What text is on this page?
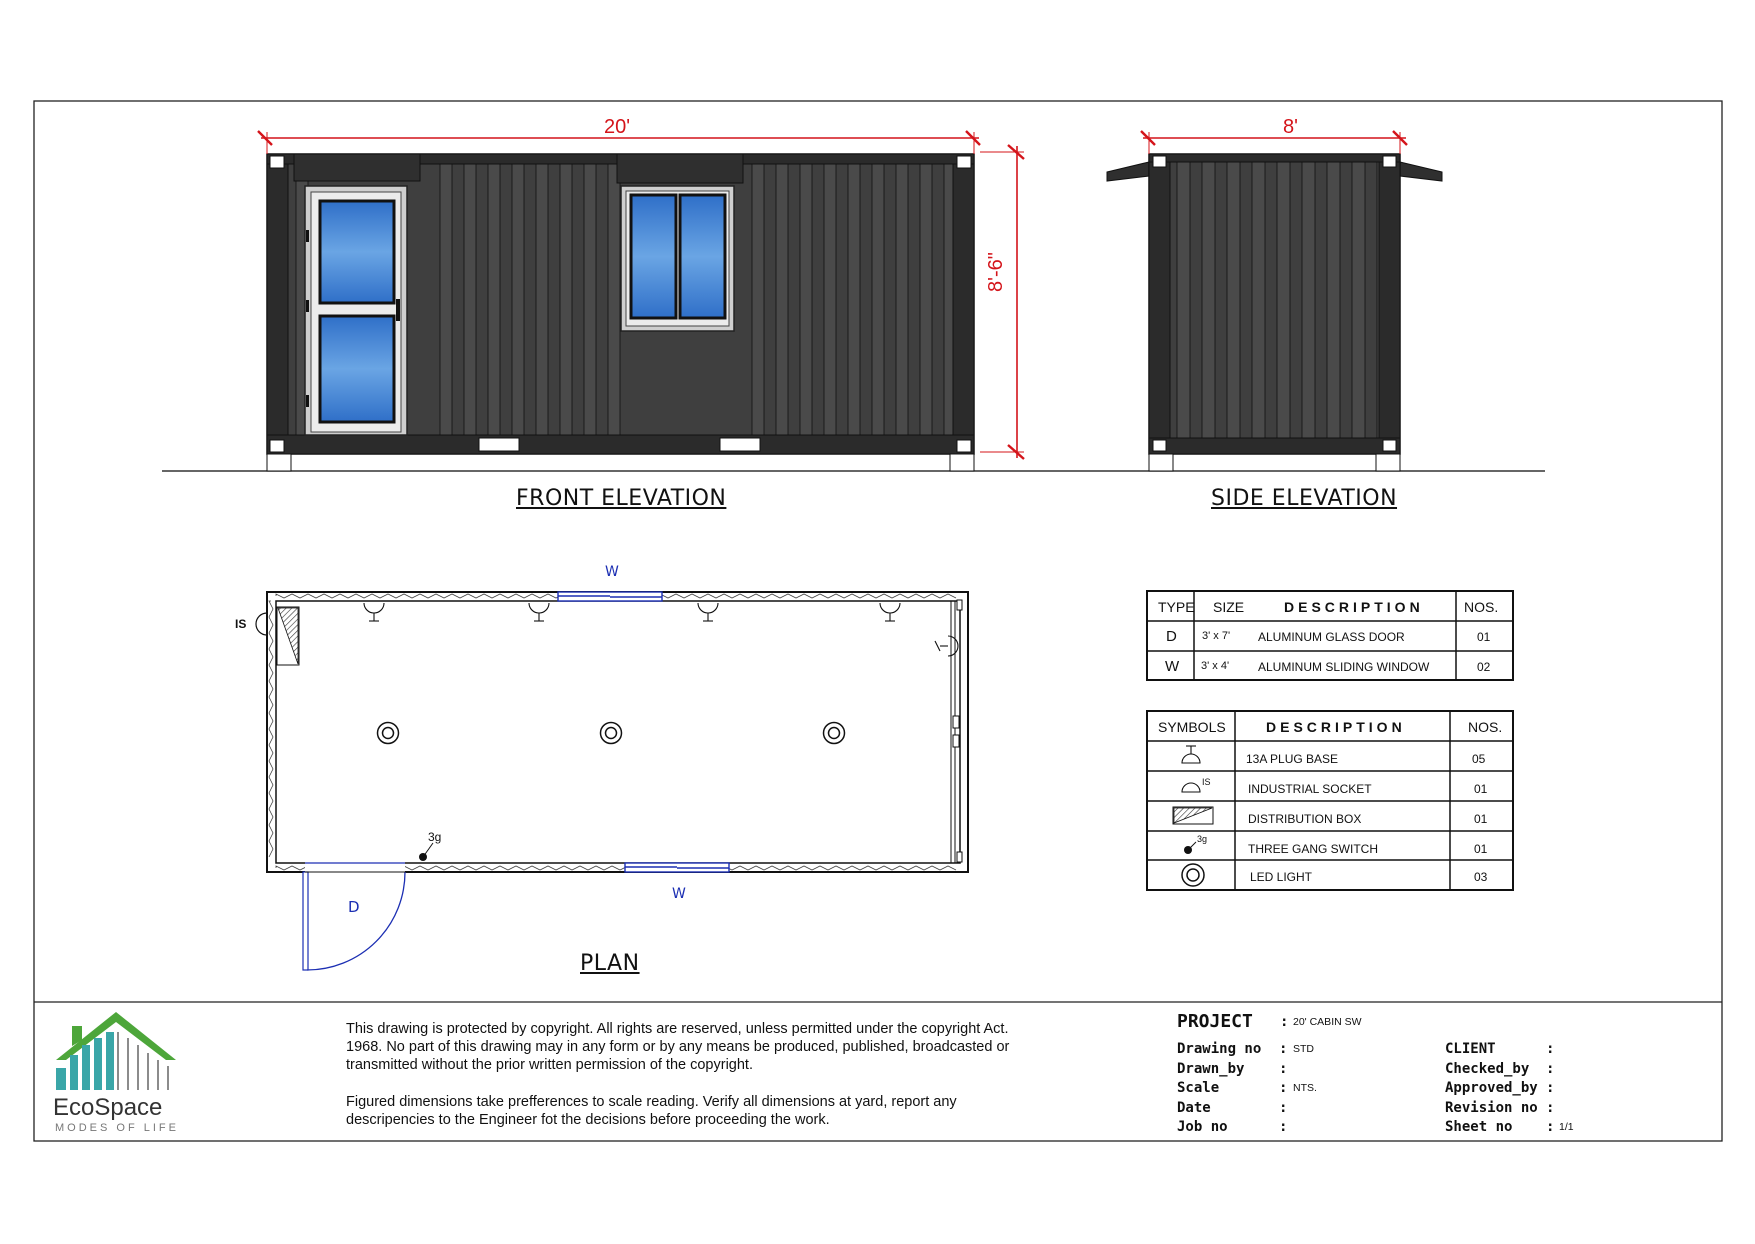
20'
8'-6"
8'
FRONT ELEVATION	SIDE ELEVATION
PLAN
W
W
D
IS
3g
TYPE SIZE	DESCRIPTION	NOS.
D 3' x 7' ALUMINUM GLASS DOOR	01
W 3' x 4' ALUMINUM SLIDING WINDOW	02
SYMBOLS	DESCRIPTION	NOS.
13A PLUG BASE	05
INDUSTRIAL SOCKET	01
DISTRIBUTION BOX	01
THREE GANG SWITCH	01
LED LIGHT	03
IS
3g
EcoSpace
MODES OF LIFE
This drawing is protected by copyright. All rights are reserved, unless permitted under the copyright Act. 1968. No part of this drawing may in any form or by any means be produced, published, broadcasted or transmitted without the prior written permission of the copyright.
Figured dimensions take prefferences to scale reading. Verify all dimensions at yard, report any descripencies to the Engineer fot the decisions before proceeding the work.
PROJECT : 20' CABIN SW
Drawing no : STD
Drawn_by :
Scale	: NTS.
Date	:
Job no	:
CLIENT	:
Checked_by :
Approved_by :
Revision no :
Sheet no : 1/1
